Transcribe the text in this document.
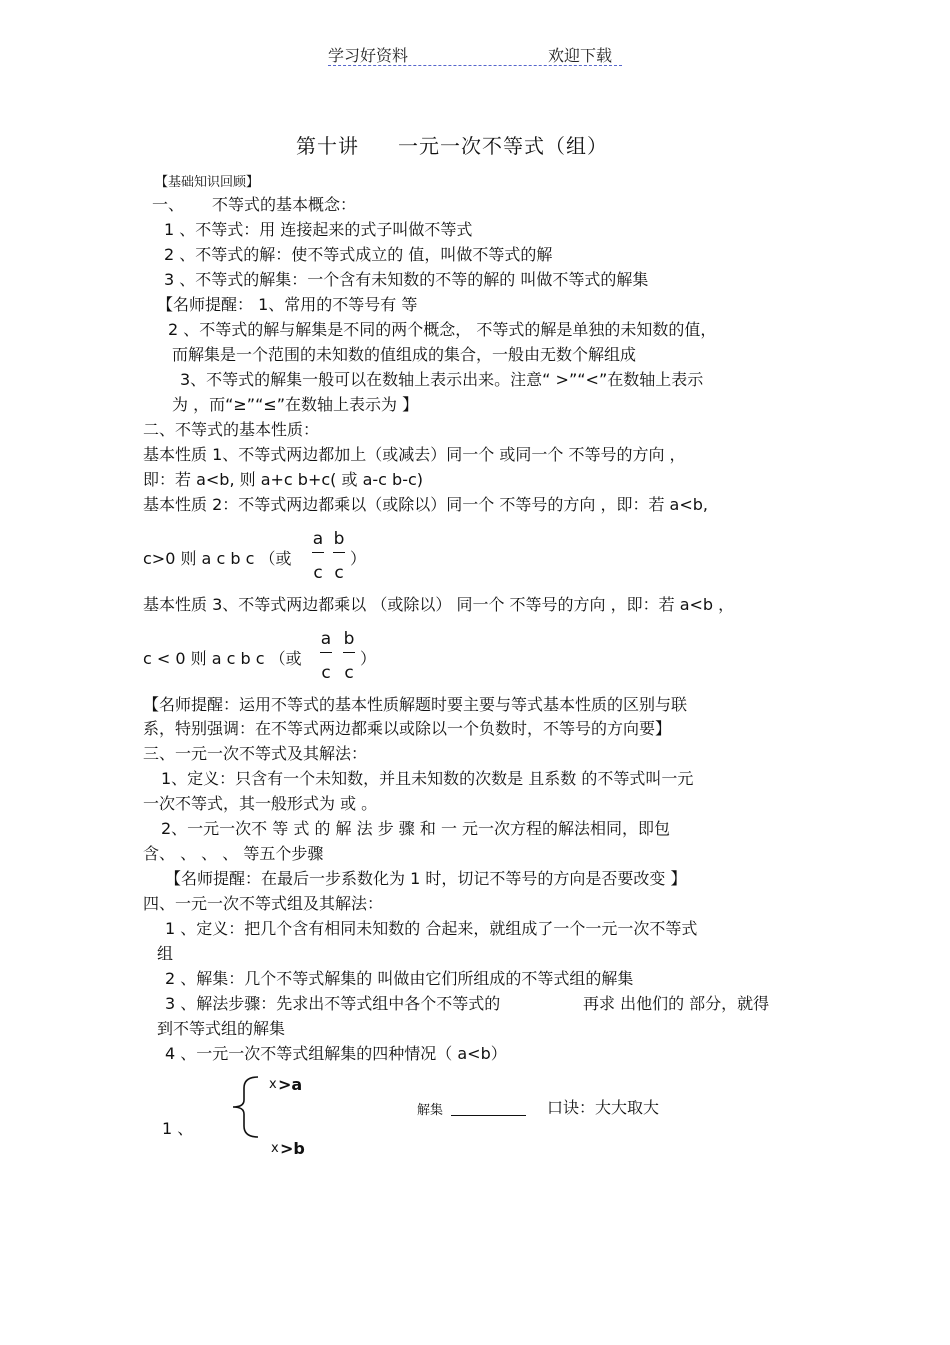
学习好资料	欢迎下载
第十讲 一元一次不等式（组）
【基础知识回顾】
一、 不等式的基本概念：
1 、不等式：用 连接起来的式子叫做不等式
2 、不等式的解：使不等式成立的 值，叫做不等式的解
3 、不等式的解集：一个含有未知数的不等的解的 叫做不等式的解集
【名师提醒： 1、常用的不等号有 等
2 、不等式的解与解集是不同的两个概念， 不等式的解是单独的未知数的值，
而解集是一个范围的未知数的值组成的集合，一般由无数个解组成
3、不等式的解集一般可以在数轴上表示出来。注意“ >”“<”在数轴上表示
为 ，而“≥”“≤”在数轴上表示为 】
二、不等式的基本性质：
基本性质 1、不等式两边都加上（或减去）同一个 或同一个 不等号的方向 ，
即：若 a<b, 则 a+c b+c( 或 a-c b-c)
基本性质 2：不等式两边都乘以（或除以）同一个 不等号的方向 ，即：若 a<b,
c>0 则 a c b c （或
a
c
b
c
）
基本性质 3、不等式两边都乘以 （或除以） 同一个 不等号的方向 ，即：若 a<b ，
c < 0 则 a c b c （或
a
c
b
c
）
【名师提醒：运用不等式的基本性质解题时要主要与等式基本性质的区别与联
系，特别强调：在不等式两边都乘以或除以一个负数时，不等号的方向要】
三、一元一次不等式及其解法：
1、定义：只含有一个未知数，并且未知数的次数是 且系数 的不等式叫一元
一次不等式，其一般形式为 或 。
2、一元一次不 等 式 的 解 法 步 骤 和 一 元一次方程的解法相同，即包
含、 、 、 、 等五个步骤
【名师提醒：在最后一步系数化为 1 时，切记不等号的方向是否要改变 】
四、一元一次不等式组及其解法：
1 、定义：把几个含有相同未知数的 合起来，就组成了一个一元一次不等式
组
2 、解集：几个不等式解集的 叫做由它们所组成的不等式组的解集
3 、解法步骤：先求出不等式组中各个不等式的	再求 出他们的 部分，就得
到不等式组的解集
4 、一元一次不等式组解集的四种情况（ a<b）
1 、
x >a
x >b
解集	口诀：大大取大
